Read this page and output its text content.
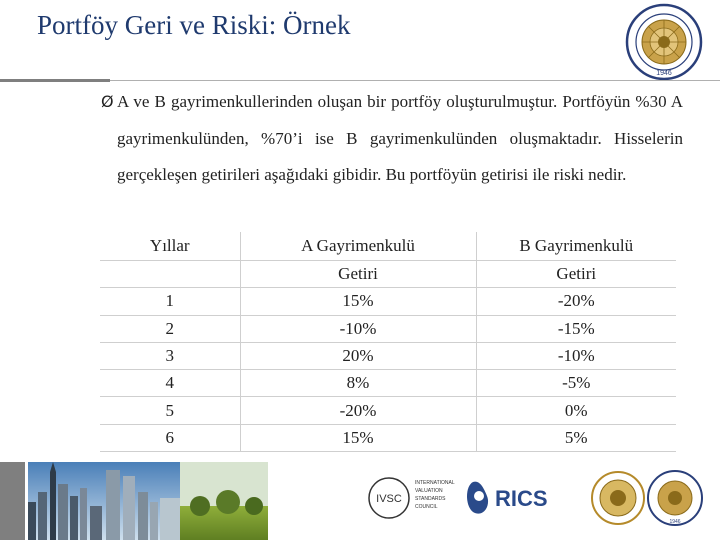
Portföy Geri ve Riski: Örnek
1946
Ø A ve B gayrimenkullerinden oluşan bir portföy oluşturulmuştur. Portföyün %30 A gayrimenkulünden, %70’i ise B gayrimenkulünden oluşmaktadır. Hisselerin gerçekleşen getirileri aşağıdaki gibidir. Bu portföyün getirisi ile riski nedir.
Yıllar	A Gayrimenkulü	B Gayrimenkulü
	Getiri	Getiri
1	15%	-20%
2	-10%	-15%
3	20%	-10%
4	8%	-5%
5	-20%	0%
6	15%	5%
IVSC
INTERNATIONAL
VALUATION
STANDARDS
COUNCIL	RICS
1946
